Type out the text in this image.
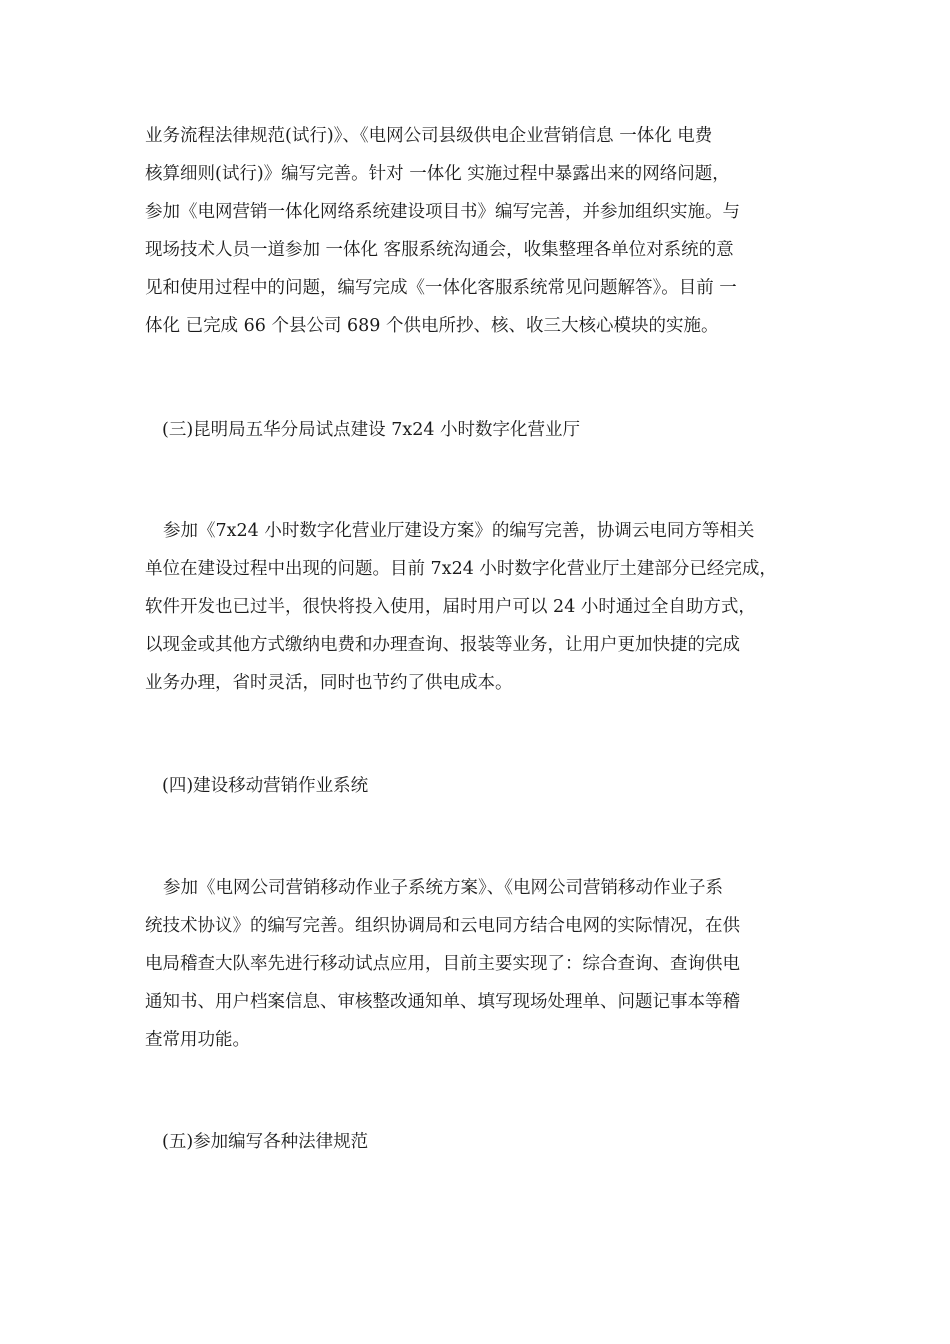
业务流程法律规范(试行)》、《电网公司县级供电企业营销信息 一体化 电费
核算细则(试行)》编写完善。针对 一体化 实施过程中暴露出来的网络问题，
参加《电网营销一体化网络系统建设项目书》编写完善，并参加组织实施。与
现场技术人员一道参加 一体化 客服系统沟通会，收集整理各单位对系统的意
见和使用过程中的问题，编写完成《一体化客服系统常见问题解答》。目前 一
体化 已完成 66 个县公司 689 个供电所抄、核、收三大核心模块的实施。
(三)昆明局五华分局试点建设 7x24 小时数字化营业厅
参加《7x24 小时数字化营业厅建设方案》的编写完善，协调云电同方等相关
单位在建设过程中出现的问题。目前 7x24 小时数字化营业厅土建部分已经完成，
软件开发也已过半，很快将投入使用，届时用户可以 24 小时通过全自助方式，
以现金或其他方式缴纳电费和办理查询、报装等业务，让用户更加快捷的完成
业务办理，省时灵活，同时也节约了供电成本。
(四)建设移动营销作业系统
参加《电网公司营销移动作业子系统方案》、《电网公司营销移动作业子系
统技术协议》的编写完善。组织协调局和云电同方结合电网的实际情况，在供
电局稽查大队率先进行移动试点应用，目前主要实现了：综合查询、查询供电
通知书、用户档案信息、审核整改通知单、填写现场处理单、问题记事本等稽
查常用功能。
(五)参加编写各种法律规范
